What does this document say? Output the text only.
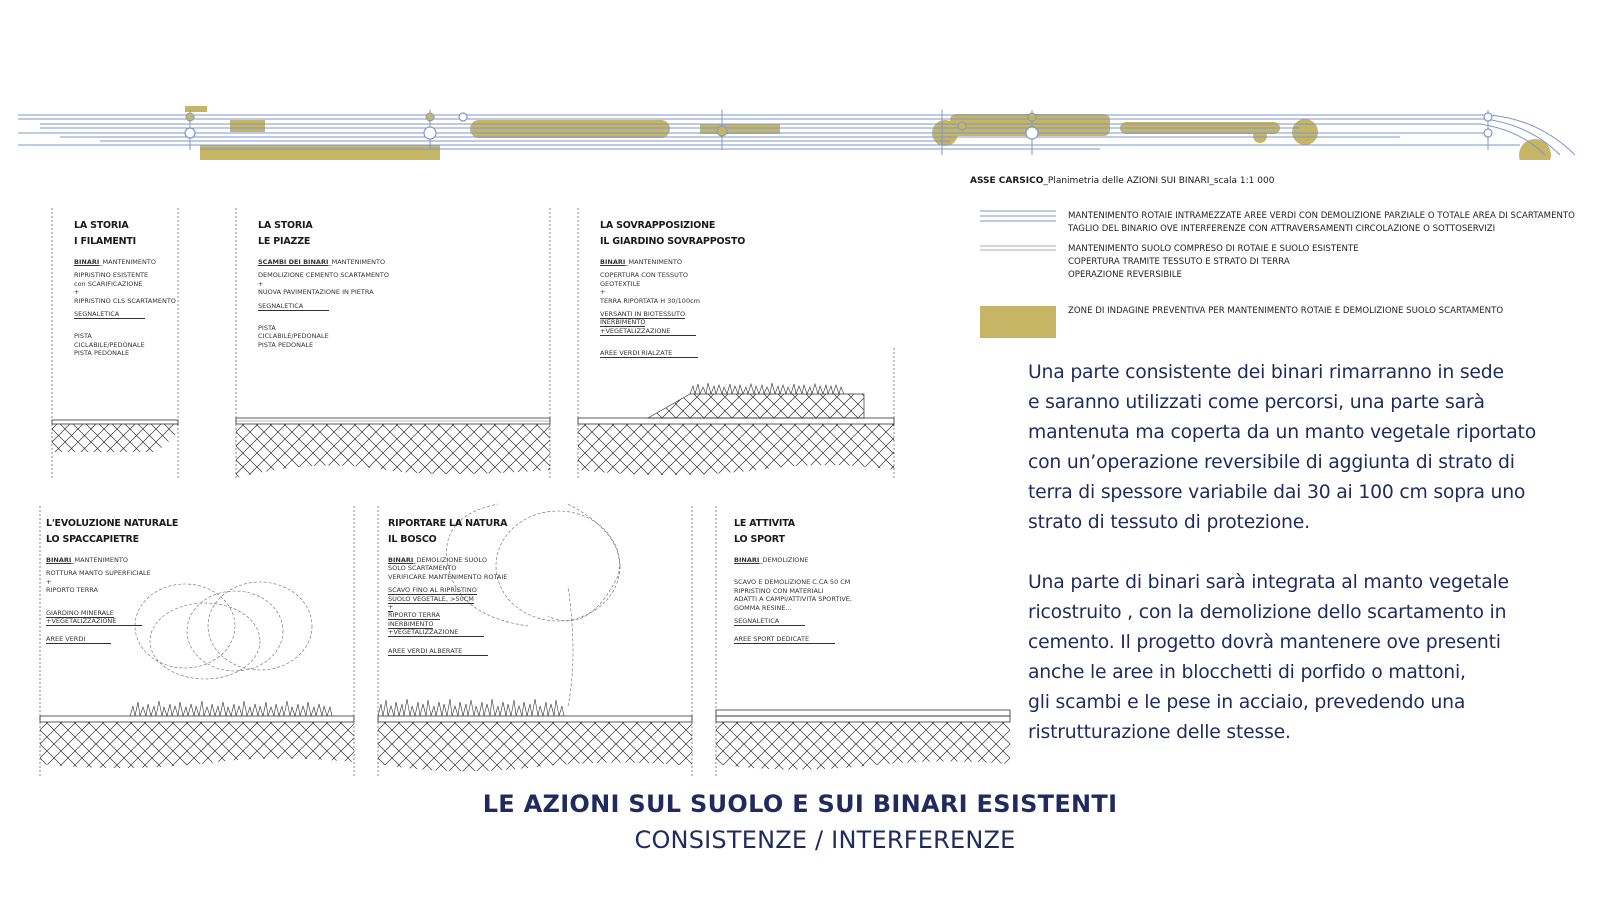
LA STORIA
I FILAMENTI
BINARI_MANTENIMENTO
RIPRISTINO ESISTENTE
con SCARIFICAZIONE
+
RIPRISTINO CLS SCARTAMENTO
SEGNALETICA
PISTA
CICLABILE/PEDONALE
PISTA PEDONALE
LA STORIA
LE PIAZZE
SCAMBI DEI BINARI_MANTENIMENTO
DEMOLIZIONE CEMENTO SCARTAMENTO
+
NUOVA PAVIMENTAZIONE IN PIETRA
SEGNALETICA
PISTA
CICLABILE/PEDONALE
PISTA PEDONALE
LA SOVRAPPOSIZIONE
IL GIARDINO SOVRAPPOSTO
BINARI_MANTENIMENTO
COPERTURA CON TESSUTO
GEOTEXTILE
+
TERRA RIPORTATA H 30/100cm
VERSANTI IN BIOTESSUTO
INERBIMENTO
+VEGETALIZZAZIONE
AREE VERDI RIALZATE
L'EVOLUZIONE NATURALE
LO SPACCAPIETRE
BINARI_MANTENIMENTO
ROTTURA MANTO SUPERFICIALE
+
RIPORTO TERRA
GIARDINO MINERALE
+VEGETALIZZAZIONE
AREE VERDI
RIPORTARE LA NATURA
IL BOSCO
BINARI_DEMOLIZIONE SUOLO
SOLO SCARTAMENTO
VERIFICARE MANTENIMENTO ROTAIE
SCAVO FINO AL RIPRISTINO
SUOLO VEGETALE, >50CM
+
RIPORTO TERRA
INERBIMENTO
+VEGETALIZZAZIONE
AREE VERDI ALBERATE
LE ATTIVITA
LO SPORT
BINARI_DEMOLIZIONE
SCAVO E DEMOLIZIONE C.CA 50 CM
RIPRISTINO CON MATERIALI
ADATTI A CAMPI/ATTIVITA SPORTIVE,
GOMMA RESINE...
SEGNALETICA
AREE SPORT DEDICATE
ASSE CARSICO_Planimetria delle AZIONI SUI BINARI_scala 1:1 000
MANTENIMENTO ROTAIE INTRAMEZZATE AREE VERDI CON DEMOLIZIONE PARZIALE O TOTALE AREA DI SCARTAMENTO
TAGLIO DEL BINARIO OVE INTERFERENZE CON ATTRAVERSAMENTI CIRCOLAZIONE O SOTTOSERVIZI
MANTENIMENTO SUOLO COMPRESO DI ROTAIE E SUOLO ESISTENTE
COPERTURA TRAMITE TESSUTO E STRATO DI TERRA
OPERAZIONE REVERSIBILE
ZONE DI INDAGINE PREVENTIVA PER MANTENIMENTO ROTAIE E DEMOLIZIONE SUOLO SCARTAMENTO

Una parte consistente dei binari rimarranno in sede
e saranno utilizzati come percorsi, una parte sarà
mantenuta ma coperta da un manto vegetale riportato
con un’operazione reversibile di aggiunta di strato di
terra di spessore variabile dai 30 ai 100 cm sopra uno
strato di tessuto di protezione.

Una parte di binari sarà integrata al manto vegetale
ricostruito , con la demolizione dello scartamento in
cemento. Il progetto dovrà mantenere ove presenti
anche le aree in blocchetti di porfido o mattoni,
gli scambi e le pese in acciaio, prevedendo una
ristrutturazione delle stesse.

LE AZIONI SUL SUOLO E SUI BINARI ESISTENTI
CONSISTENZE / INTERFERENZE
